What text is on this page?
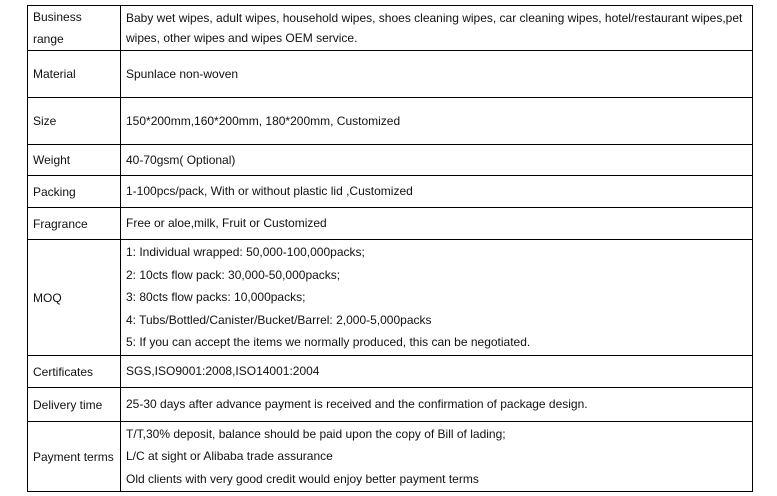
Business range	Baby wet wipes, adult wipes, household wipes, shoes cleaning wipes, car cleaning wipes, hotel/restaurant wipes,pet wipes, other wipes and wipes OEM service.

Material	Spunlace non-woven

Size	150*200mm,160*200mm, 180*200mm, Customized

Weight	40-70gsm( Optional)

Packing	1-100pcs/pack, With or without plastic lid ,Customized

Fragrance	Free or aloe,milk, Fruit or Customized

MOQ	1: Individual wrapped: 50,000-100,000packs;
2: 10cts flow pack: 30,000-50,000packs;
3: 80cts flow packs: 10,000packs;
4: Tubs/Bottled/Canister/Bucket/Barrel: 2,000-5,000packs
5: If you can accept the items we normally produced, this can be negotiated.

Certificates	SGS,ISO9001:2008,ISO14001:2004

Delivery time	25-30 days after advance payment is received and the confirmation of package design.

Payment terms	T/T,30% deposit, balance should be paid upon the copy of Bill of lading;
L/C at sight or Alibaba trade assurance
Old clients with very good credit would enjoy better payment terms
